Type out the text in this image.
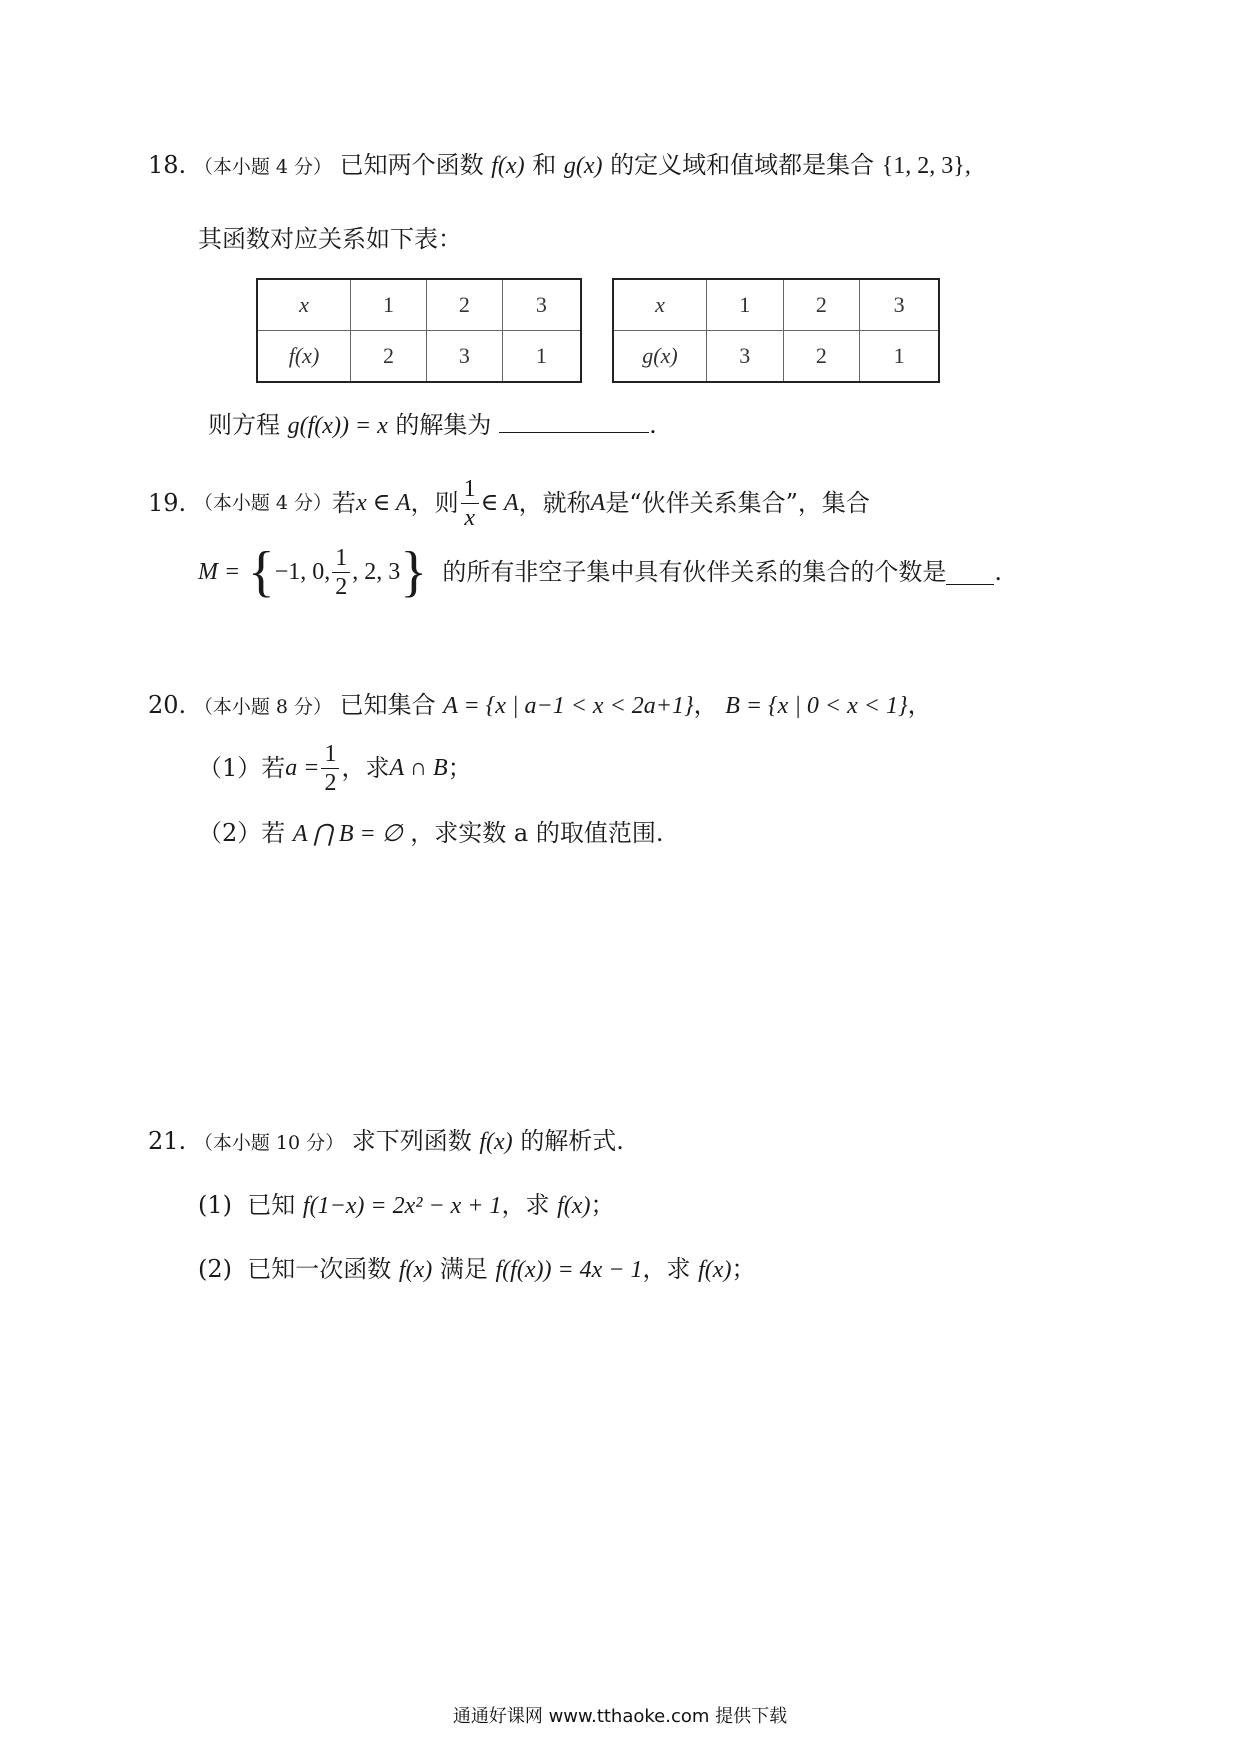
18. （本小题 4 分） 已知两个函数 f(x) 和 g(x) 的定义域和值域都是集合 {1, 2, 3},
其函数对应关系如下表：
x	1	2	3
f(x)	2	3	1
x	1	2	3
g(x)	3	2	1
则方程 g(f(x)) = x 的解集为	.
19.
（本小题 4 分） 若 x ∈ A ，则 $\frac{1}{x}$ ∈ A ，就称 A 是“伙伴关系集合”，集合
M =
{ −1, 0, $\frac{1}{2}$ , 2, 3 }
的所有非空子集中具有伙伴关系的集合的个数是 .
20. （本小题 8 分） 已知集合 A = {x | a−1 < x < 2a+1}， B = {x | 0 < x < 1}，
（1）若 $a = \frac{1}{2}$ ，求 A ∩ B ；
（2）若 A ⋂ B = ∅ ，求实数 a 的取值范围.
21. （本小题 10 分） 求下列函数 f(x) 的解析式.
(1) 已知 f(1−x) = 2x² − x + 1，求 f(x)；
(2) 已知一次函数 f(x) 满足 f(f(x)) = 4x − 1，求 f(x)；
通通好课网 www.tthaoke.com 提供下载
